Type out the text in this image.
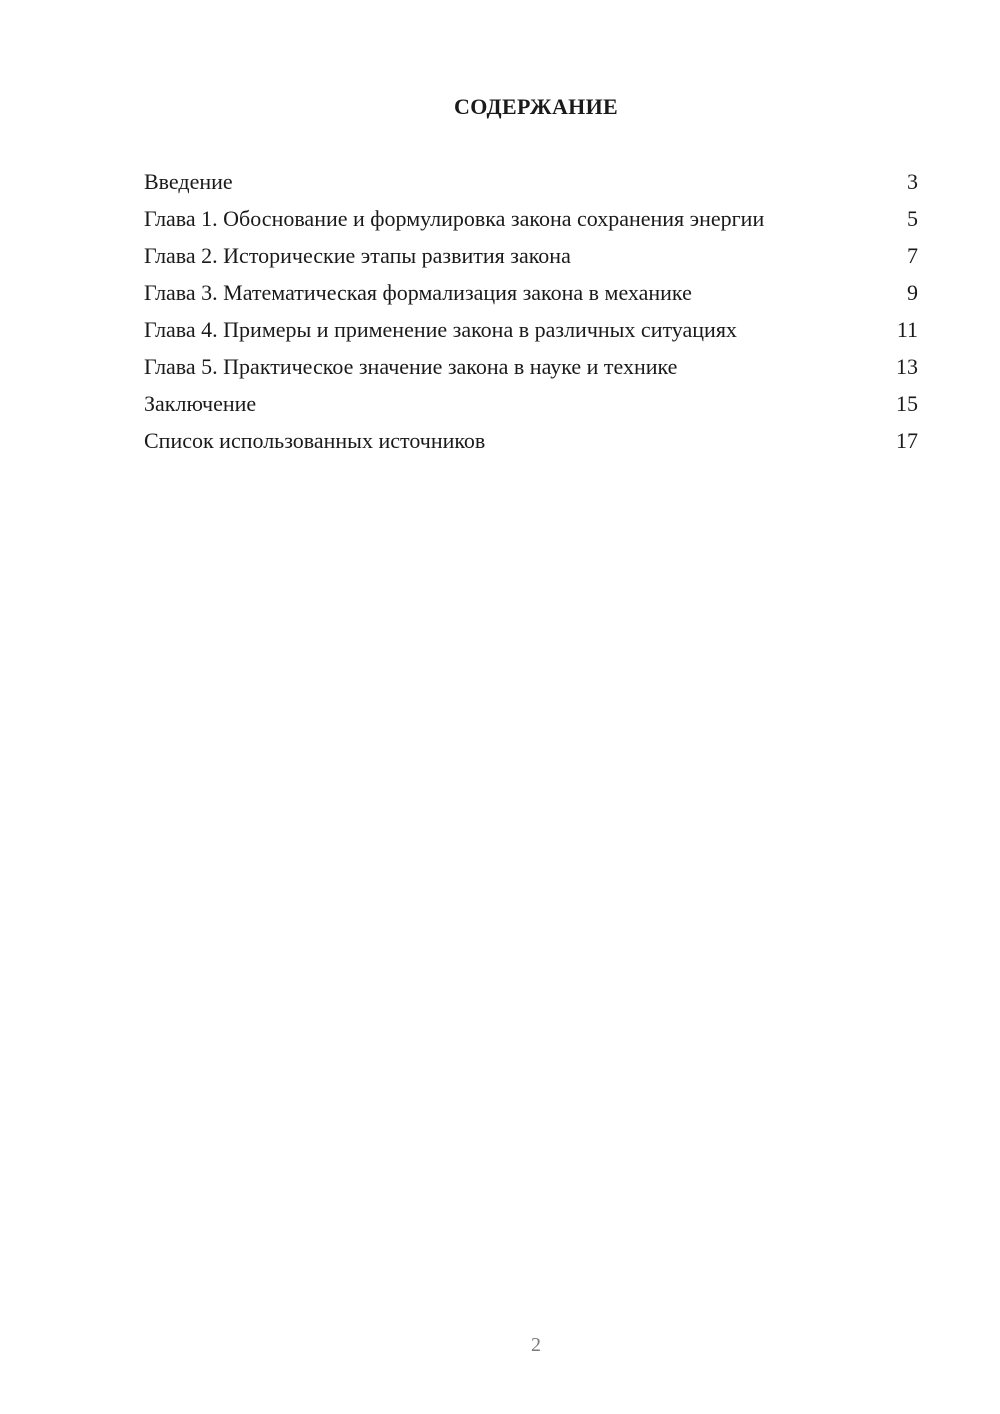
СОДЕРЖАНИЕ
Введение	3
Глава 1. Обоснование и формулировка закона сохранения энергии	5
Глава 2. Исторические этапы развития закона	7
Глава 3. Математическая формализация закона в механике	9
Глава 4. Примеры и применение закона в различных ситуациях	11
Глава 5. Практическое значение закона в науке и технике	13
Заключение	15
Список использованных источников	17
2
